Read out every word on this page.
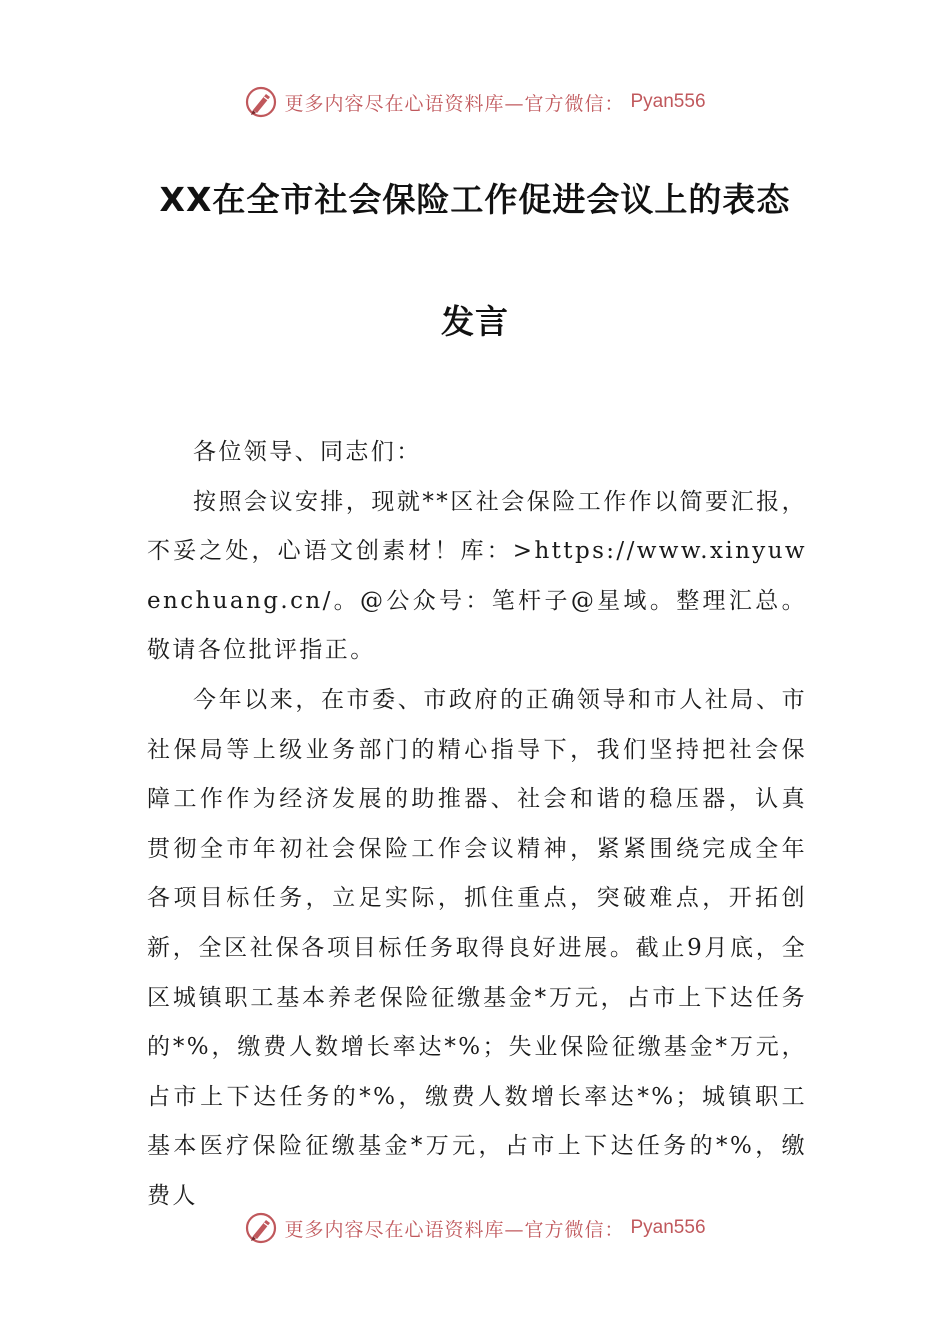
更多内容尽在心语资料库—官方微信： Pyan556
XX在全市社会保险工作促进会议上的表态
发言

各位领导、同志们：

按照会议安排，现就**区社会保险工作作以简要汇报，不妥之处，心语文创素材！库：>https://www.xinyuwenchuang.cn/。@公众号：笔杆子@星域。整理汇总。敬请各位批评指正。

今年以来，在市委、市政府的正确领导和市人社局、市社保局等上级业务部门的精心指导下，我们坚持把社会保障工作作为经济发展的助推器、社会和谐的稳压器，认真贯彻全市年初社会保险工作会议精神，紧紧围绕完成全年各项目标任务，立足实际，抓住重点，突破难点，开拓创新，全区社保各项目标任务取得良好进展。截止9月底，全区城镇职工基本养老保险征缴基金*万元，占市上下达任务的*%，缴费人数增长率达*%；失业保险征缴基金*万元，占市上下达任务的*%，缴费人数增长率达*%；城镇职工基本医疗保险征缴基金*万元，占市上下达任务的*%，缴费人

更多内容尽在心语资料库—官方微信： Pyan556
